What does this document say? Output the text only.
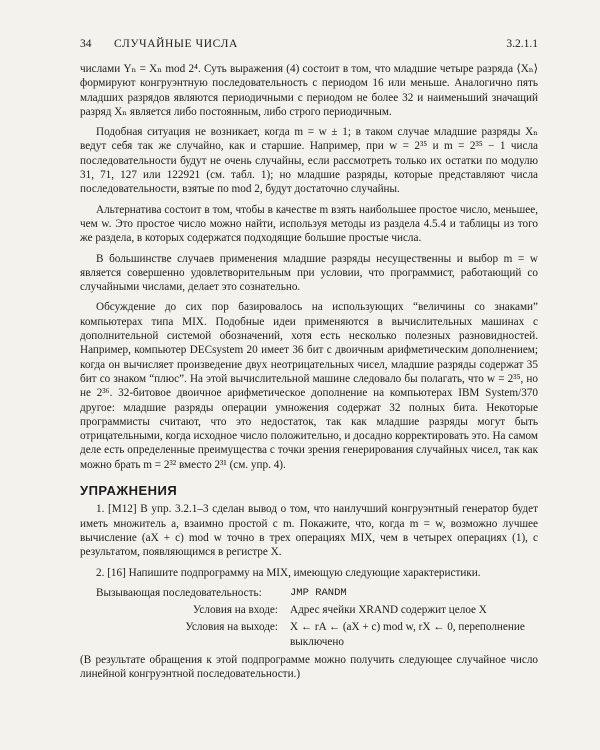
34 СЛУЧАЙНЫЕ ЧИСЛА	3.2.1.1

числами Yₙ = Xₙ mod 2⁴. Суть выражения (4) состоит в том, что младшие четыре разряда ⟨Xₙ⟩ формируют конгруэнтную последовательность с периодом 16 или меньше. Аналогично пять младших разрядов являются периодичными с периодом не более 32 и наименьший значащий разряд Xₙ является либо постоянным, либо строго периодичным.

Подобная ситуация не возникает, когда m = w ± 1; в таком случае младшие разряды Xₙ ведут себя так же случайно, как и старшие. Например, при w = 2³⁵ и m = 2³⁵ − 1 числа последовательности будут не очень случайны, если рассмотреть только их остатки по модулю 31, 71, 127 или 122921 (см. табл. 1); но младшие разряды, которые представляют числа последовательности, взятые по mod 2, будут достаточно случайны.

Альтернатива состоит в том, чтобы в качестве m взять наибольшее простое число, меньшее, чем w. Это простое число можно найти, используя методы из раздела 4.5.4 и таблицы из того же раздела, в которых содержатся подходящие большие простые числа.

В большинстве случаев применения младшие разряды несущественны и выбор m = w является совершенно удовлетворительным при условии, что программист, работающий со случайными числами, делает это сознательно.

Обсуждение до сих пор базировалось на использующих “величины со знаками” компьютерах типа MIX. Подобные идеи применяются в вычислительных машинах с дополнительной системой обозначений, хотя есть несколько полезных разновидностей. Например, компьютер DECsystem 20 имеет 36 бит с двоичным арифметическим дополнением; когда он вычисляет произведение двух неотрицательных чисел, младшие разряды содержат 35 бит со знаком “плюс”. На этой вычислительной машине следовало бы полагать, что w = 2³⁵, но не 2³⁶. 32-битовое двоичное арифметическое дополнение на компьютерах IBM System/370 другое: младшие разряды операции умножения содержат 32 полных бита. Некоторые программисты считают, что это недостаток, так как младшие разряды могут быть отрицательными, когда исходное число положительно, и досадно корректировать это. На самом деле есть определенные преимущества с точки зрения генерирования случайных чисел, так как можно брать m = 2³² вместо 2³¹ (см. упр. 4).

УПРАЖНЕНИЯ

1. [M12] В упр. 3.2.1–3 сделан вывод о том, что наилучший конгруэнтный генератор будет иметь множитель a, взаимно простой с m. Покажите, что, когда m = w, возможно лучшее вычисление (aX + c) mod w точно в трех операциях MIX, чем в четырех операциях (1), с результатом, появляющимся в регистре X.

2. [16] Напишите подпрограмму на MIX, имеющую следующие характеристики.

Вызывающая последовательность:	JMP RANDM
Условия на входе:	Адрес ячейки XRAND содержит целое X
Условия на выходе:	X ← rA ← (aX + c) mod w, rX ← 0, переполнение выключено

(В результате обращения к этой подпрограмме можно получить следующее случайное число линейной конгруэнтной последовательности.)
